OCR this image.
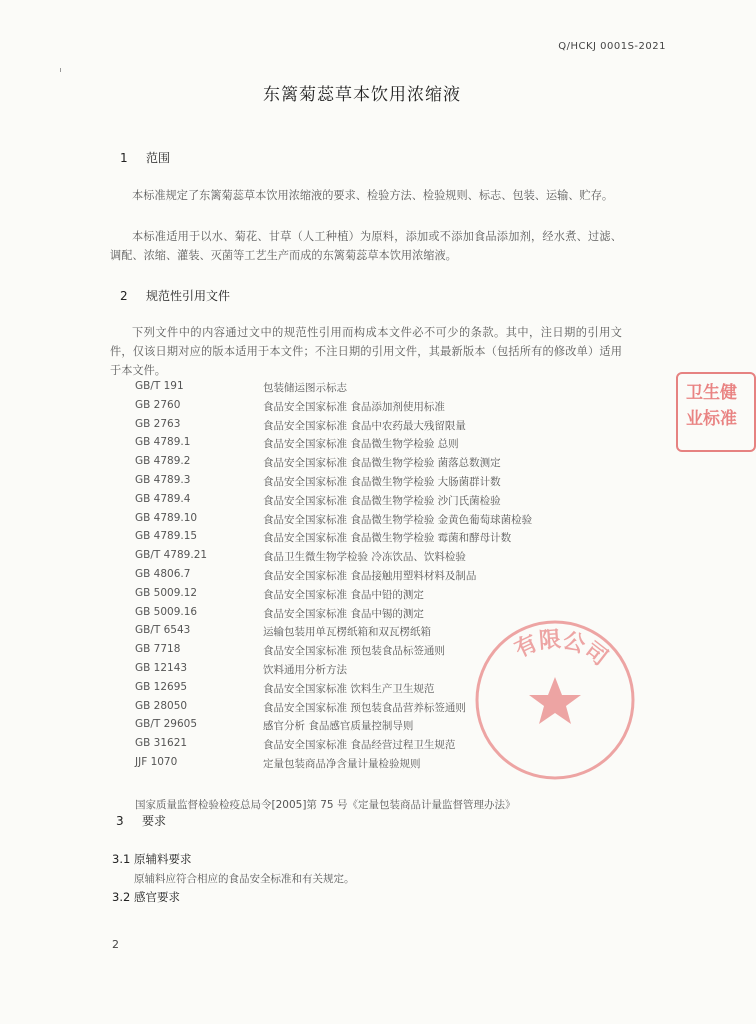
Q/HCKJ 0001S-2021
东篱菊蕊草本饮用浓缩液
1 范围
本标准规定了东篱菊蕊草本饮用浓缩液的要求、检验方法、检验规则、标志、包装、运输、贮存。
本标准适用于以水、菊花、甘草（人工种植）为原料，添加或不添加食品添加剂，经水煮、过滤、调配、浓缩、灌装、灭菌等工艺生产而成的东篱菊蕊草本饮用浓缩液。
2 规范性引用文件
下列文件中的内容通过文中的规范性引用而构成本文件必不可少的条款。其中，注日期的引用文件，仅该日期对应的版本适用于本文件；不注日期的引用文件，其最新版本（包括所有的修改单）适用于本文件。
GB/T 191	包装储运图示标志
GB 2760	食品安全国家标准 食品添加剂使用标准
GB 2763	食品安全国家标准 食品中农药最大残留限量
GB 4789.1	食品安全国家标准 食品微生物学检验 总则
GB 4789.2	食品安全国家标准 食品微生物学检验 菌落总数测定
GB 4789.3	食品安全国家标准 食品微生物学检验 大肠菌群计数
GB 4789.4	食品安全国家标准 食品微生物学检验 沙门氏菌检验
GB 4789.10	食品安全国家标准 食品微生物学检验 金黄色葡萄球菌检验
GB 4789.15	食品安全国家标准 食品微生物学检验 霉菌和酵母计数
GB/T 4789.21	食品卫生微生物学检验 冷冻饮品、饮料检验
GB 4806.7	食品安全国家标准 食品接触用塑料材料及制品
GB 5009.12	食品安全国家标准 食品中铅的测定
GB 5009.16	食品安全国家标准 食品中锡的测定
GB/T 6543	运输包装用单瓦楞纸箱和双瓦楞纸箱
GB 7718	食品安全国家标准 预包装食品标签通则
GB 12143	饮料通用分析方法
GB 12695	食品安全国家标准 饮料生产卫生规范
GB 28050	食品安全国家标准 预包装食品营养标签通则
GB/T 29605	感官分析 食品感官质量控制导则
GB 31621	食品安全国家标准 食品经营过程卫生规范
JJF 1070	定量包装商品净含量计量检验规则
国家质量监督检验检疫总局令[2005]第 75 号《定量包装商品计量监督管理办法》
3 要求
3.1 原辅料要求
原辅料应符合相应的食品安全标准和有关规定。
3.2 感官要求
2
有限公司
卫生健
业标准
